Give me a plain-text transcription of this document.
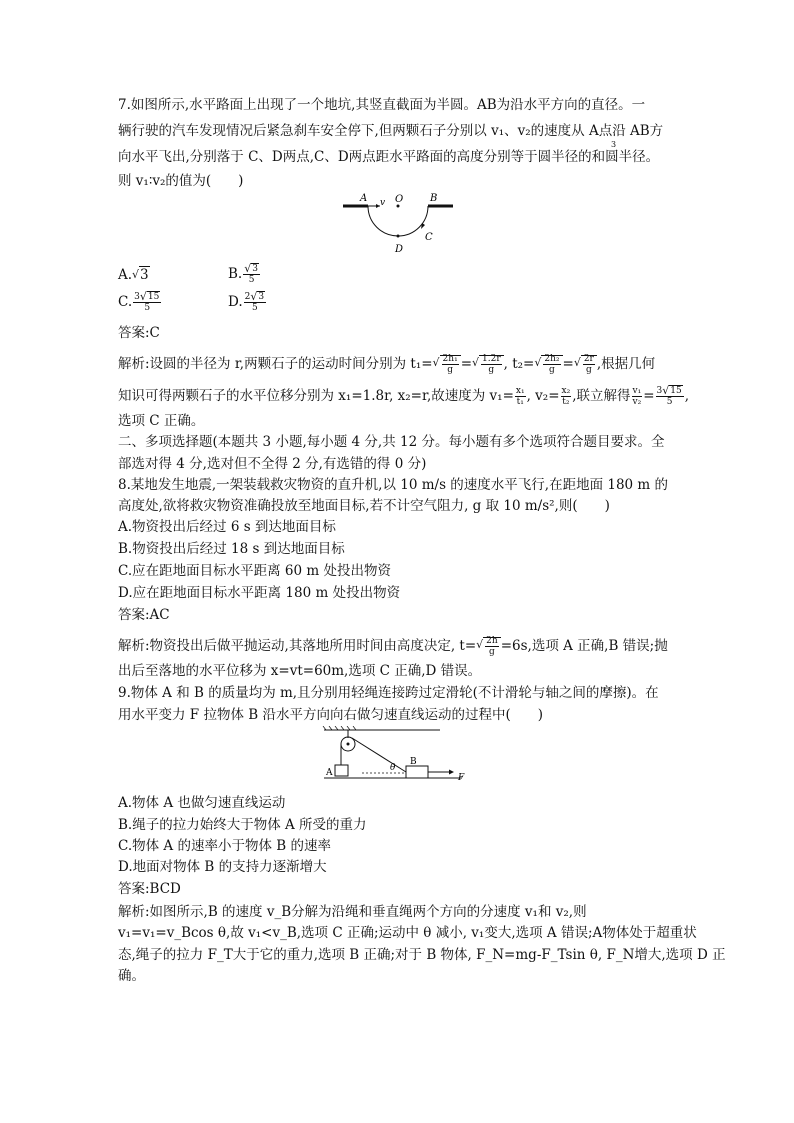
7.如图所示,水平路面上出现了一个地坑,其竖直截面为半圆。AB为沿水平方向的直径。一
辆行驶的汽车发现情况后紧急刹车安全停下,但两颗石子分别以 v₁、v₂的速度从 A点沿 AB方
向水平飞出,分别落于 C、D两点,C、D两点距水平路面的高度分别等于圆半径的和圆半径。
3
则 v₁∶v₂的值为(　　)
A v O	B
C
D
A. √ 3	B. √ $\frac{3}{5}$
C. $\frac{3 √ 15}{5}$	D. $\frac{2 √ 3}{5}$
答案:C
解析:设圆的半径为 r,两颗石子的运动时间分别为 t₁= √ $\frac{\text{2h₁}}{g}$ = √ $\frac{1.2r}{g}$ , t₂= √ $\frac{\text{2h₂}}{g}$ = √ $\frac{2r}{g}$ ,根据几何
知识可得两颗石子的水平位移分别为 x₁=1.8r, x₂=r,故速度为 $v_1= \frac{\text{x₁}}{\text{t₁}}$ , $v_2= \frac{\text{x₂}}{\text{t₂}}$ ,联立解得 $\frac{\text{v₁}}{\text{v₂}} = \frac{3 √ 15}{5}$ ,
选项 C 正确。
二、多项选择题(本题共 3 小题,每小题 4 分,共 12 分。每小题有多个选项符合题目要求。全
部选对得 4 分,选对但不全得 2 分,有选错的得 0 分)
8.某地发生地震,一架装载救灾物资的直升机,以 10 m/s 的速度水平飞行,在距地面 180 m 的
高度处,欲将救灾物资准确投放至地面目标,若不计空气阻力, g 取 10 m/s²,则(　　)
A.物资投出后经过 6 s 到达地面目标
B.物资投出后经过 18 s 到达地面目标
C.应在距地面目标水平距离 60 m 处投出物资
D.应在距地面目标水平距离 180 m 处投出物资
答案:AC
解析:物资投出后做平抛运动,其落地所用时间由高度决定, t= √ $\frac{2h}{g} =6s$,选项 A 正确,B 错误;抛
出后至落地的水平位移为 x=vt=60m,选项 C 正确,D 错误。
9.物体 A 和 B 的质量均为 m,且分别用轻绳连接跨过定滑轮(不计滑轮与轴之间的摩擦)。在
用水平变力 F 拉物体 B 沿水平方向向右做匀速直线运动的过程中(　　)
A
B
θ
F
A.物体 A 也做匀速直线运动
B.绳子的拉力始终大于物体 A 所受的重力
C.物体 A 的速率小于物体 B 的速率
D.地面对物体 B 的支持力逐渐增大
答案:BCD
解析:如图所示,B 的速度 v_B分解为沿绳和垂直绳两个方向的分速度 v₁和 v₂,则
v₁=v₁=v_Bcos θ,故 v₁<v_B,选项 C 正确;运动中 θ 减小, v₁变大,选项 A 错误;A物体处于超重状
态,绳子的拉力 F_T大于它的重力,选项 B 正确;对于 B 物体, F_N=mg-F_Tsin θ, F_N增大,选项 D 正
确。
